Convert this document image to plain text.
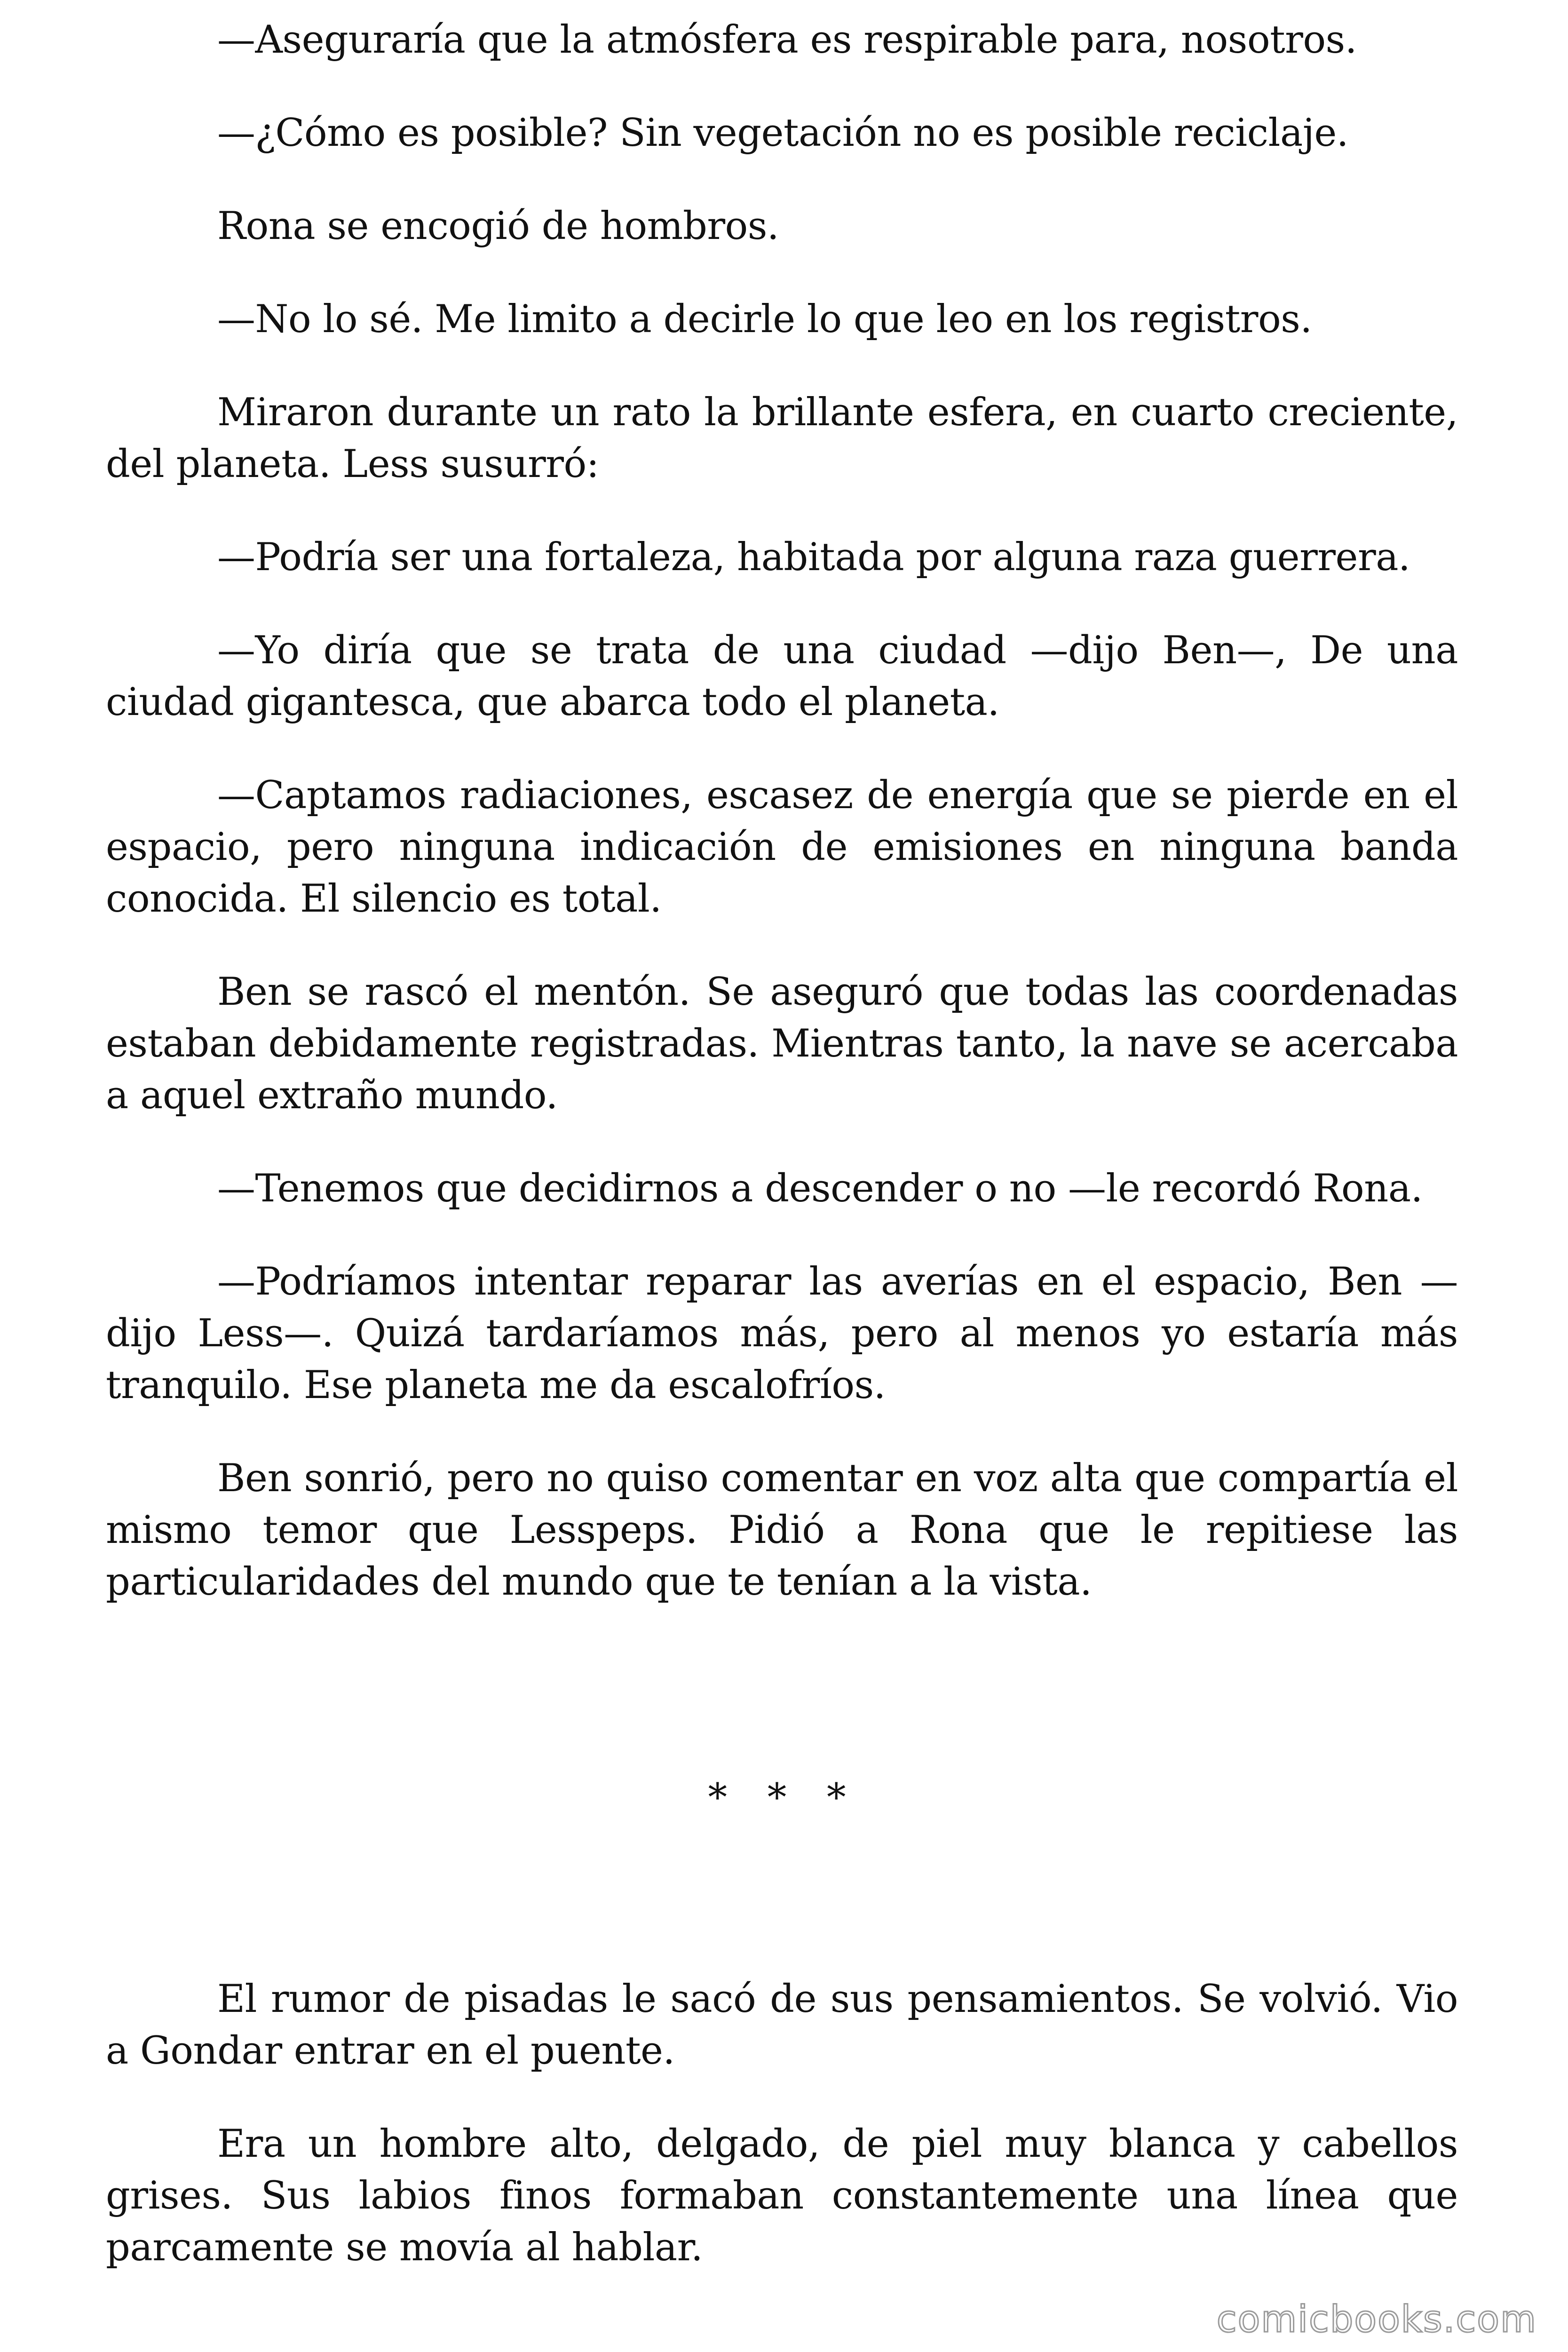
—Aseguraría que la atmósfera es respirable para, nosotros.

—¿Cómo es posible? Sin vegetación no es posible reciclaje.

Rona se encogió de hombros.

—No lo sé. Me limito a decirle lo que leo en los registros.

Miraron durante un rato la brillante esfera, en cuarto creciente, del planeta. Less susurró:

—Podría ser una fortaleza, habitada por alguna raza guerrera.

—Yo diría que se trata de una ciudad —dijo Ben—, De una ciudad gigantesca, que abarca todo el planeta.

—Captamos radiaciones, escasez de energía que se pierde en el espacio, pero ninguna indicación de emisiones en ninguna banda conocida. El silencio es total.

Ben se rascó el mentón. Se aseguró que todas las coordenadas estaban debidamente registradas. Mientras tanto, la nave se acercaba a aquel extraño mundo.

—Tenemos que decidirnos a descender o no —le recordó Rona.

—Podríamos intentar reparar las averías en el espacio, Ben —dijo Less—. Quizá tardaríamos más, pero al menos yo estaría más tranquilo. Ese planeta me da escalofríos.

Ben sonrió, pero no quiso comentar en voz alta que compartía el mismo temor que Lesspeps. Pidió a Rona que le repitiese las particularidades del mundo que te tenían a la vista.

* * *

El rumor de pisadas le sacó de sus pensamientos. Se volvió. Vio a Gondar entrar en el puente.

Era un hombre alto, delgado, de piel muy blanca y cabellos grises. Sus labios finos formaban constantemente una línea que parcamente se movía al hablar.

comicbooks.com
